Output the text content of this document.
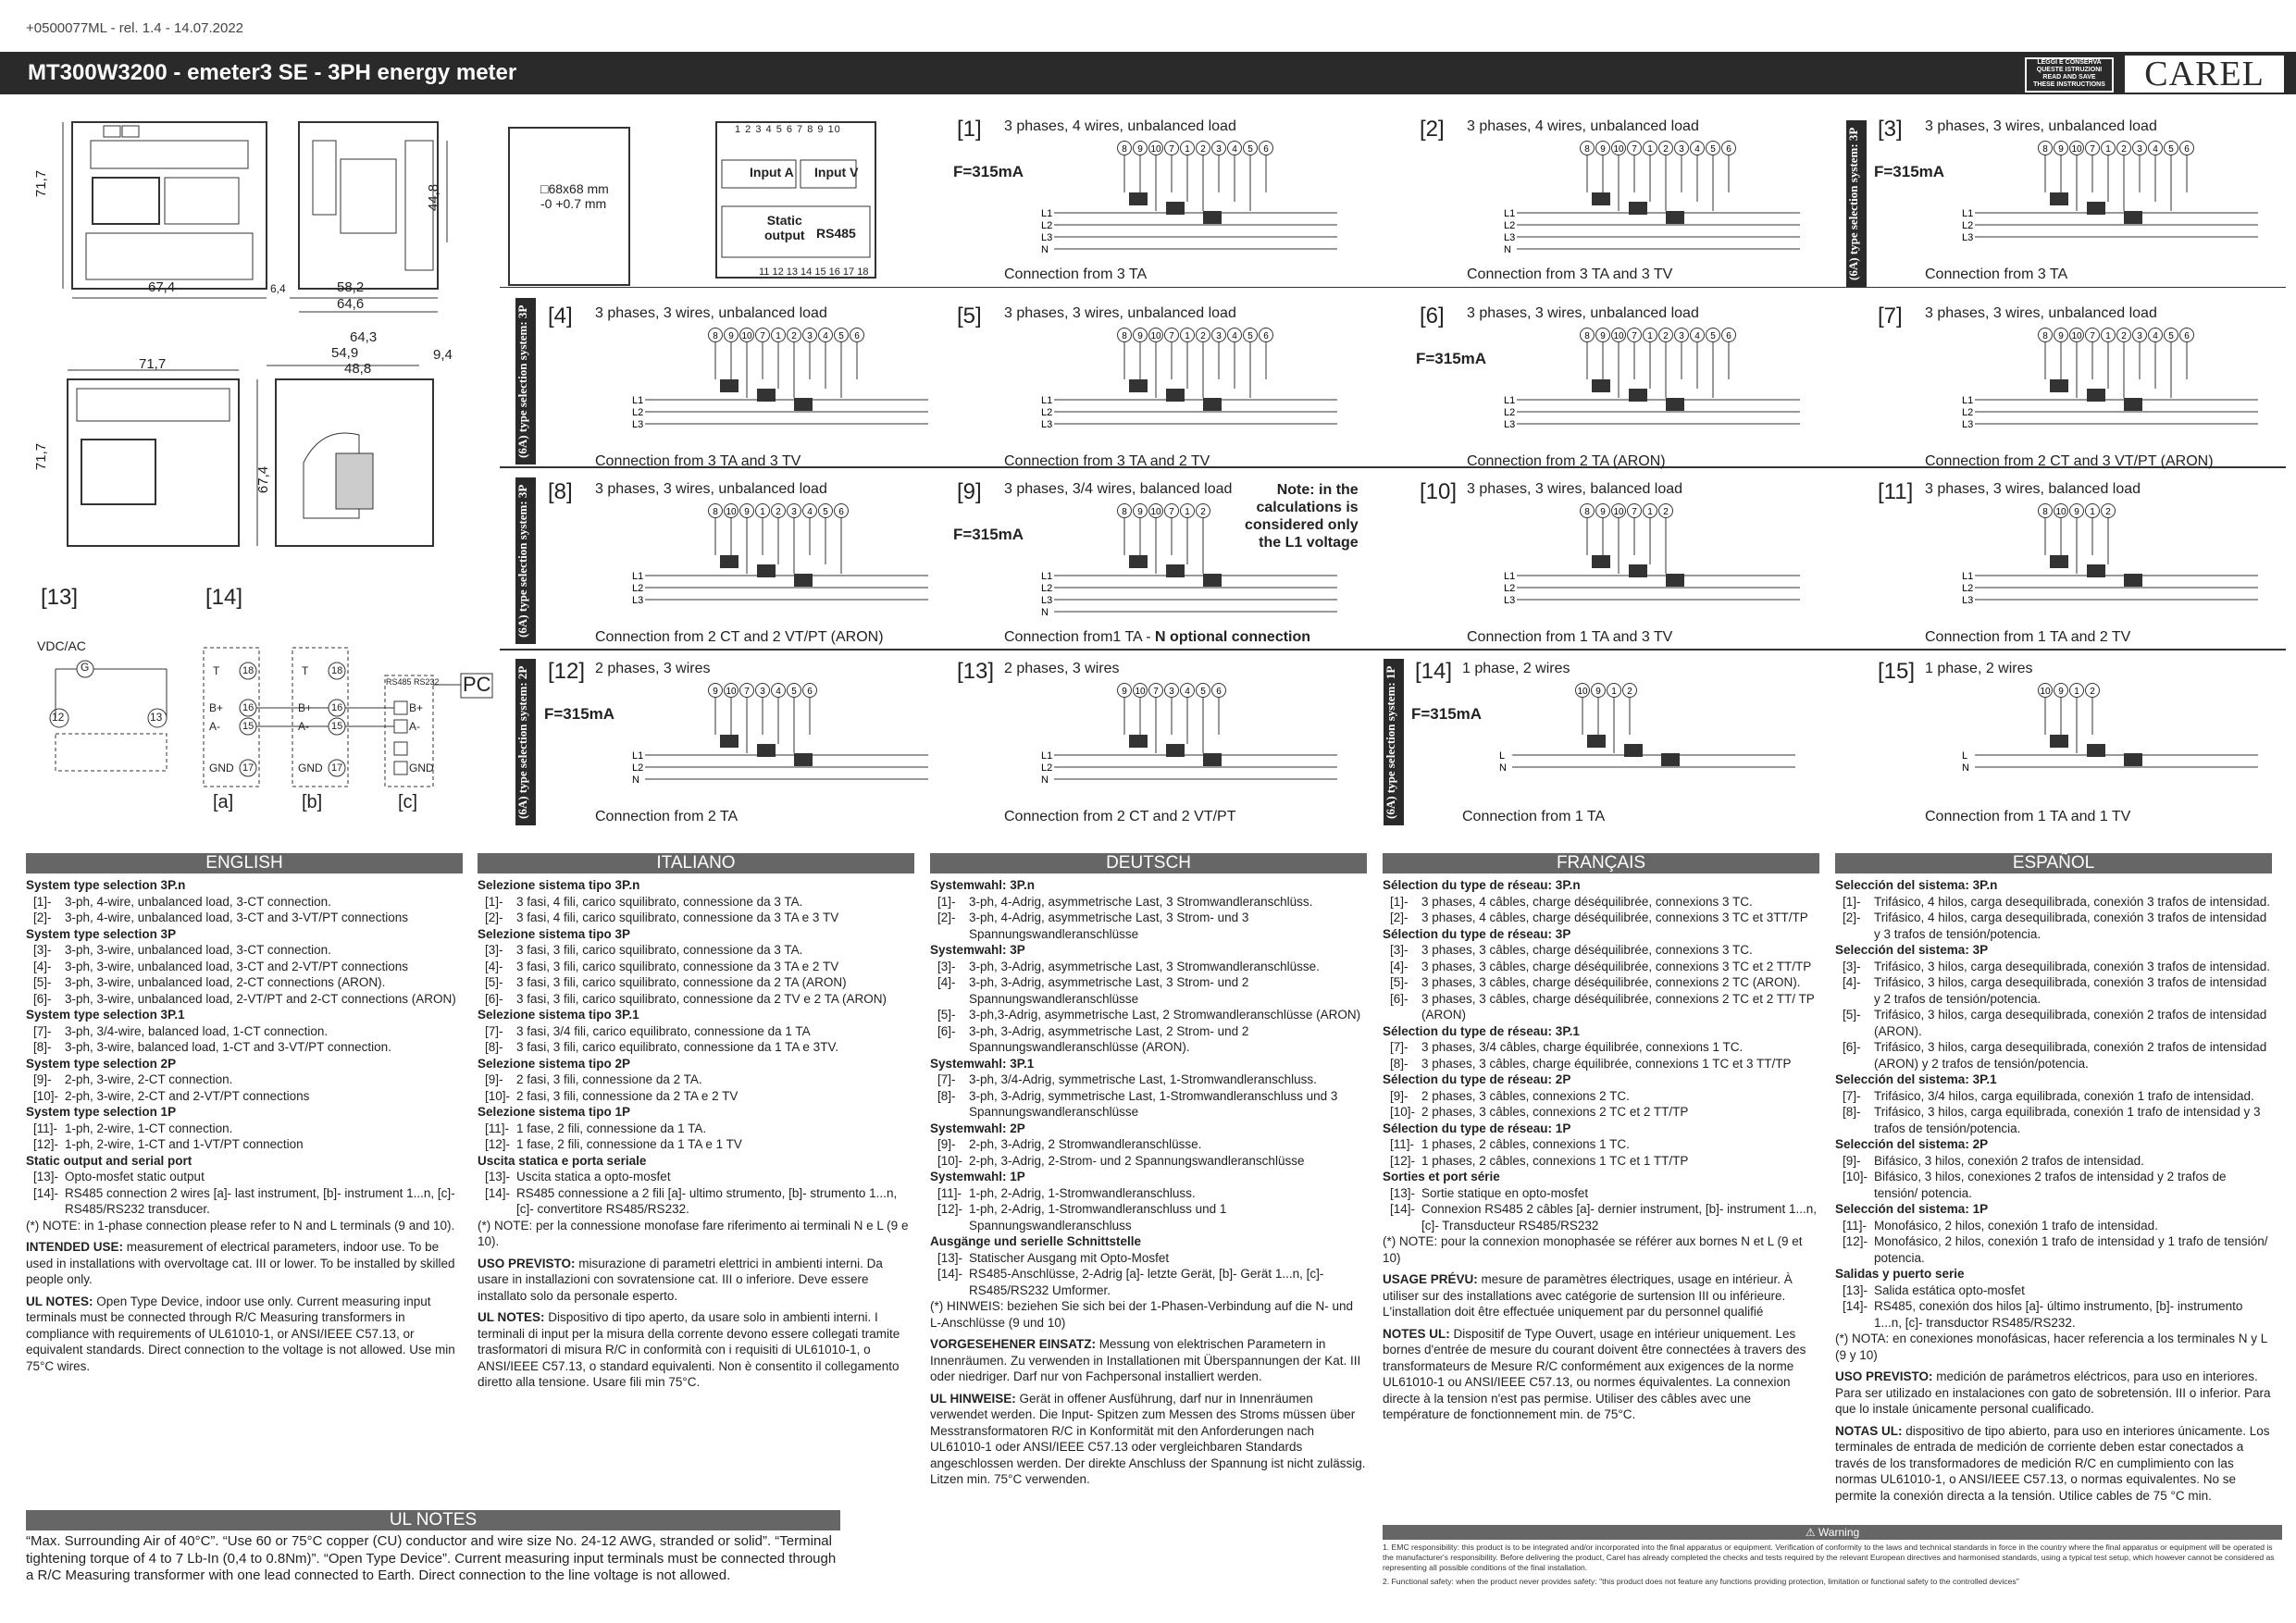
+0500077ML - rel. 1.4 - 14.07.2022
MT300W3200 - emeter3 SE - 3PH energy meter	LEGGI E CONSERVA
QUESTE ISTRUZIONI
READ AND SAVE
THESE INSTRUCTIONS	CAREL
71,7
67,4
44,8
6,4	58,2
64,6
71,7
71,7
64,3
54,9
48,8
9,4
67,4
□68x68 mm
-0 +0.7 mm
1 2 3 4 5 6 7 8 9 10
Input A Input V
Static
output RS485
11 12 13 14 15 16 17 18
[13]	[14]
VDC/AC
G
12	13
PC
RS485 RS232
T
B+
A-
GND
T
B+
A-
GND
B+
A-
GND
18
16
15
17
18
16
15
17
[a]	[b]	[c]
(6A) type selection system: 3P
(6A) type selection system: 3P
(6A) type selection system: 3P
(6A) type selection system: 2P	(6A) type selection system: 1P
[1] 3 phases, 4 wires, unbalanced load
8 9 10 7 1 2 3 4 5 6
L1
L2
L3
N
F=315mA
Connection from 3 TA
[2] 3 phases, 4 wires, unbalanced load
8 9 10 7 1 2 3 4 5 6
L1
L2
L3
N
Connection from 3 TA and 3 TV
[3] 3 phases, 3 wires, unbalanced load
8 9 10 7 1 2 3 4 5 6
L1
L2
L3
F=315mA
Connection from 3 TA
[4] 3 phases, 3 wires, unbalanced load
8 9 10 7 1 2 3 4 5 6
L1
L2
L3
Connection from 3 TA and 3 TV
[5] 3 phases, 3 wires, unbalanced load
8 9 10 7 1 2 3 4 5 6
L1
L2
L3
Connection from 3 TA and 2 TV
[6] 3 phases, 3 wires, unbalanced load
8 9 10 7 1 2 3 4 5 6
L1
L2
L3
F=315mA
Connection from 2 TA (ARON)
[7] 3 phases, 3 wires, unbalanced load
8 9 10 7 1 2 3 4 5 6
L1
L2
L3
Connection from 2 CT and 3 VT/PT (ARON)
[8] 3 phases, 3 wires, unbalanced load
8 10 9 1 2 3 4 5 6
L1
L2
L3
Connection from 2 CT and 2 VT/PT (ARON)
[9] 3 phases, 3/4 wires, balanced load
8 9 10 7 1 2
L1
L2
L3
N
F=315mA
Note: in the
calculations is
considered only
the L1 voltage
Connection from1 TA - N optional connection
[10] 3 phases, 3 wires, balanced load
8 9 10 7 1 2
L1
L2
L3
Connection from 1 TA and 3 TV
[11] 3 phases, 3 wires, balanced load
8 10 9 1 2
L1
L2
L3
Connection from 1 TA and 2 TV
[12] 2 phases, 3 wires
9 10 7 3 4 5 6
L1
L2
N
F=315mA
Connection from 2 TA
[13] 2 phases, 3 wires
9 10 7 3 4 5 6
L1
L2
N
Connection from 2 CT and 2 VT/PT
[14] 1 phase, 2 wires
10 9 1 2
L
N
F=315mA
Connection from 1 TA
[15] 1 phase, 2 wires
10 9 1 2
L
N
Connection from 1 TA and 1 TV
ENGLISH
System type selection 3P.n
[1]-	3-ph, 4-wire, unbalanced load, 3-CT connection.
[2]-	3-ph, 4-wire, unbalanced load, 3-CT and 3-VT/PT connections
System type selection 3P
[3]-	3-ph, 3-wire, unbalanced load, 3-CT connection.
[4]-	3-ph, 3-wire, unbalanced load, 3-CT and 2-VT/PT connections
[5]-	3-ph, 3-wire, unbalanced load, 2-CT connections (ARON).
[6]-	3-ph, 3-wire, unbalanced load, 2-VT/PT and 2-CT connections (ARON)
System type selection 3P.1
[7]-	3-ph, 3/4-wire, balanced load, 1-CT connection.
[8]-	3-ph, 3-wire, balanced load, 1-CT and 3-VT/PT connection.
System type selection 2P
[9]-	2-ph, 3-wire, 2-CT connection.
[10]- 2-ph, 3-wire, 2-CT and 2-VT/PT connections
System type selection 1P
[11]- 1-ph, 2-wire, 1-CT connection.
[12]- 1-ph, 2-wire, 1-CT and 1-VT/PT connection
Static output and serial port
[13]- Opto-mosfet static output
[14]- RS485 connection 2 wires [a]- last instrument, [b]- instrument 1...n, [c]- RS485/RS232 transducer.
(*) NOTE: in 1-phase connection please refer to N and L terminals (9 and 10).

INTENDED USE: measurement of electrical parameters, indoor use. To be used in installations with overvoltage cat. III or lower. To be installed by skilled people only.

UL NOTES: Open Type Device, indoor use only. Current measuring input terminals must be connected through R/C Measuring transformers in compliance with requirements of UL61010-1, or ANSI/IEEE C57.13, or equivalent standards. Direct connection to the voltage is not allowed. Use min 75°C wires.

ITALIANO
Selezione sistema tipo 3P.n
[1]-	3 fasi, 4 fili, carico squilibrato, connessione da 3 TA.
[2]-	3 fasi, 4 fili, carico squilibrato, connessione da 3 TA e 3 TV
Selezione sistema tipo 3P
[3]-	3 fasi, 3 fili, carico squilibrato, connessione da 3 TA.
[4]-	3 fasi, 3 fili, carico squilibrato, connessione da 3 TA e 2 TV
[5]-	3 fasi, 3 fili, carico squilibrato, connessione da 2 TA (ARON)
[6]-	3 fasi, 3 fili, carico squilibrato, connessione da 2 TV e 2 TA (ARON)
Selezione sistema tipo 3P.1
[7]-	3 fasi, 3/4 fili, carico equilibrato, connessione da 1 TA
[8]-	3 fasi, 3 fili, carico equilibrato, connessione da 1 TA e 3TV.
Selezione sistema tipo 2P
[9]-	2 fasi, 3 fili, connessione da 2 TA.
[10]- 2 fasi, 3 fili, connessione da 2 TA e 2 TV
Selezione sistema tipo 1P
[11]- 1 fase, 2 fili, connessione da 1 TA.
[12]- 1 fase, 2 fili, connessione da 1 TA e 1 TV
Uscita statica e porta seriale
[13]- Uscita statica a opto-mosfet
[14]- RS485 connessione a 2 fili [a]- ultimo strumento, [b]- strumento 1...n, [c]- convertitore RS485/RS232.
(*) NOTE: per la connessione monofase fare riferimento ai terminali N e L (9 e 10).

USO PREVISTO: misurazione di parametri elettrici in ambienti interni. Da usare in installazioni con sovratensione cat. III o inferiore. Deve essere installato solo da personale esperto.

UL NOTES: Dispositivo di tipo aperto, da usare solo in ambienti interni. I terminali di input per la misura della corrente devono essere collegati tramite trasformatori di misura R/C in conformità con i requisiti di UL61010-1, o ANSI/IEEE C57.13, o standard equivalenti. Non è consentito il collegamento diretto alla tensione. Usare fili min 75°C.

DEUTSCH
Systemwahl: 3P.n
[1]-	3-ph, 4-Adrig, asymmetrische Last, 3 Stromwandleranschlüss.
[2]-	3-ph, 4-Adrig, asymmetrische Last, 3 Strom- und 3 Spannungswandleranschlüsse
Systemwahl: 3P
[3]-	3-ph, 3-Adrig, asymmetrische Last, 3 Stromwandleranschlüsse.
[4]-	3-ph, 3-Adrig, asymmetrische Last, 3 Strom- und 2 Spannungswandleranschlüsse
[5]-	3-ph,3-Adrig, asymmetrische Last, 2 Stromwandleranschlüsse (ARON)
[6]-	3-ph, 3-Adrig, asymmetrische Last, 2 Strom- und 2 Spannungswandleranschlüsse (ARON).
Systemwahl: 3P.1
[7]-	3-ph, 3/4-Adrig, symmetrische Last, 1-Stromwandleranschluss.
[8]-	3-ph, 3-Adrig, symmetrische Last, 1-Stromwandleranschluss und 3 Spannungswandleranschlüsse
Systemwahl: 2P
[9]-	2-ph, 3-Adrig, 2 Stromwandleranschlüsse.
[10]- 2-ph, 3-Adrig, 2-Strom- und 2 Spannungswandleranschlüsse
Systemwahl: 1P
[11]- 1-ph, 2-Adrig, 1-Stromwandleranschluss.
[12]- 1-ph, 2-Adrig, 1-Stromwandleranschluss und 1 Spannungswandleranschluss
Ausgänge und serielle Schnittstelle
[13]- Statischer Ausgang mit Opto-Mosfet
[14]- RS485-Anschlüsse, 2-Adrig [a]- letzte Gerät, [b]- Gerät 1...n, [c]- RS485/RS232 Umformer.
(*) HINWEIS: beziehen Sie sich bei der 1-Phasen-Verbindung auf die N- und L-Anschlüsse (9 und 10)

VORGESEHENER EINSATZ: Messung von elektrischen Parametern in Innenräumen. Zu verwenden in Installationen mit Überspannungen der Kat. III oder niedriger. Darf nur von Fachpersonal installiert werden.

UL HINWEISE: Gerät in offener Ausführung, darf nur in Innenräumen verwendet werden. Die Input- Spitzen zum Messen des Stroms müssen über Messtransformatoren R/C in Konformität mit den Anforderungen nach UL61010-1 oder ANSI/IEEE C57.13 oder vergleichbaren Standards angeschlossen werden. Der direkte Anschluss der Spannung ist nicht zulässig. Litzen min. 75°C verwenden.

FRANÇAIS
Sélection du type de réseau: 3P.n
[1]-	3 phases, 4 câbles, charge déséquilibrée, connexions 3 TC.
[2]-	3 phases, 4 câbles, charge déséquilibrée, connexions 3 TC et 3TT/TP
Sélection du type de réseau: 3P
[3]-	3 phases, 3 câbles, charge déséquilibrée, connexions 3 TC.
[4]-	3 phases, 3 câbles, charge déséquilibrée, connexions 3 TC et 2 TT/TP
[5]-	3 phases, 3 câbles, charge déséquilibrée, connexions 2 TC (ARON).
[6]-	3 phases, 3 câbles, charge déséquilibrée, connexions 2 TC et 2 TT/ TP (ARON)
Sélection du type de réseau: 3P.1
[7]-	3 phases, 3/4 câbles, charge équilibrée, connexions 1 TC.
[8]-	3 phases, 3 câbles, charge équilibrée, connexions 1 TC et 3 TT/TP
Sélection du type de réseau: 2P
[9]-	2 phases, 3 câbles, connexions 2 TC.
[10]- 2 phases, 3 câbles, connexions 2 TC et 2 TT/TP
Sélection du type de réseau: 1P
[11]- 1 phases, 2 câbles, connexions 1 TC.
[12]- 1 phases, 2 câbles, connexions 1 TC et 1 TT/TP
Sorties et port série
[13]- Sortie statique en opto-mosfet
[14]- Connexion RS485 2 câbles [a]- dernier instrument, [b]- instrument 1...n, [c]- Transducteur RS485/RS232
(*) NOTE: pour la connexion monophasée se référer aux bornes N et L (9 et 10)

USAGE PRÉVU: mesure de paramètres électriques, usage en intérieur. À utiliser sur des installations avec catégorie de surtension III ou inférieure. L'installation doit être effectuée uniquement par du personnel qualifié

NOTES UL: Dispositif de Type Ouvert, usage en intérieur uniquement. Les bornes d'entrée de mesure du courant doivent être connectées à travers des transformateurs de Mesure R/C conformément aux exigences de la norme UL61010-1 ou ANSI/IEEE C57.13, ou normes équivalentes. La connexion directe à la tension n'est pas permise. Utiliser des câbles avec une température de fonctionnement min. de 75°C.

ESPAÑOL
Selección del sistema: 3P.n
[1]-	Trifásico, 4 hilos, carga desequilibrada, conexión 3 trafos de intensidad.
[2]-	Trifásico, 4 hilos, carga desequilibrada, conexión 3 trafos de intensidad y 3 trafos de tensión/potencia.
Selección del sistema: 3P
[3]-	Trifásico, 3 hilos, carga desequilibrada, conexión 3 trafos de intensidad.
[4]-	Trifásico, 3 hilos, carga desequilibrada, conexión 3 trafos de intensidad y 2 trafos de tensión/potencia.
[5]-	Trifásico, 3 hilos, carga desequilibrada, conexión 2 trafos de intensidad (ARON).
[6]-	Trifásico, 3 hilos, carga desequilibrada, conexión 2 trafos de intensidad (ARON) y 2 trafos de tensión/potencia.
Selección del sistema: 3P.1
[7]-	Trifásico, 3/4 hilos, carga equilibrada, conexión 1 trafo de intensidad.
[8]-	Trifásico, 3 hilos, carga equilibrada, conexión 1 trafo de intensidad y 3 trafos de tensión/potencia.
Selección del sistema: 2P
[9]-	Bifásico, 3 hilos, conexión 2 trafos de intensidad.
[10]- Bifásico, 3 hilos, conexiones 2 trafos de intensidad y 2 trafos de tensión/ potencia.
Selección del sistema: 1P
[11]- Monofásico, 2 hilos, conexión 1 trafo de intensidad.
[12]- Monofásico, 2 hilos, conexión 1 trafo de intensidad y 1 trafo de tensión/ potencia.
Salidas y puerto serie
[13]- Salida estática opto-mosfet
[14]- RS485, conexión dos hilos [a]- último instrumento, [b]- instrumento 1...n, [c]- transductor RS485/RS232.
(*) NOTA: en conexiones monofásicas, hacer referencia a los terminales N y L (9 y 10)

USO PREVISTO: medición de parámetros eléctricos, para uso en interiores. Para ser utilizado en instalaciones con gato de sobretensión. III o inferior. Para que lo instale únicamente personal cualificado.

NOTAS UL: dispositivo de tipo abierto, para uso en interiores únicamente. Los terminales de entrada de medición de corriente deben estar conectados a través de los transformadores de medición R/C en cumplimiento con las normas UL61010-1, o ANSI/IEEE C57.13, o normas equivalentes. No se permite la conexión directa a la tensión. Utilice cables de 75 °C min.

UL NOTES
“Max. Surrounding Air of 40°C”. “Use 60 or 75°C copper (CU) conductor and wire size No. 24-12 AWG, stranded or solid”. “Terminal tightening torque of 4 to 7 Lb-In (0,4 to 0.8Nm)”. “Open Type Device”. Current measuring input terminals must be connected through a R/C Measuring transformer with one lead connected to Earth. Direct connection to the line voltage is not allowed.
⚠ Warning
1. EMC responsibility: this product is to be integrated and/or incorporated into the final apparatus or equipment. Verification of conformity to the laws and technical standards in force in the country where the final apparatus or equipment will be operated is the manufacturer's responsibility. Before delivering the product, Carel has already completed the checks and tests required by the relevant European directives and harmonised standards, using a typical test setup, which however cannot be considered as representing all possible conditions of the final installation.
2. Functional safety: when the product never provides safety: "this product does not feature any functions providing protection, limitation or functional safety to the controlled devices"
